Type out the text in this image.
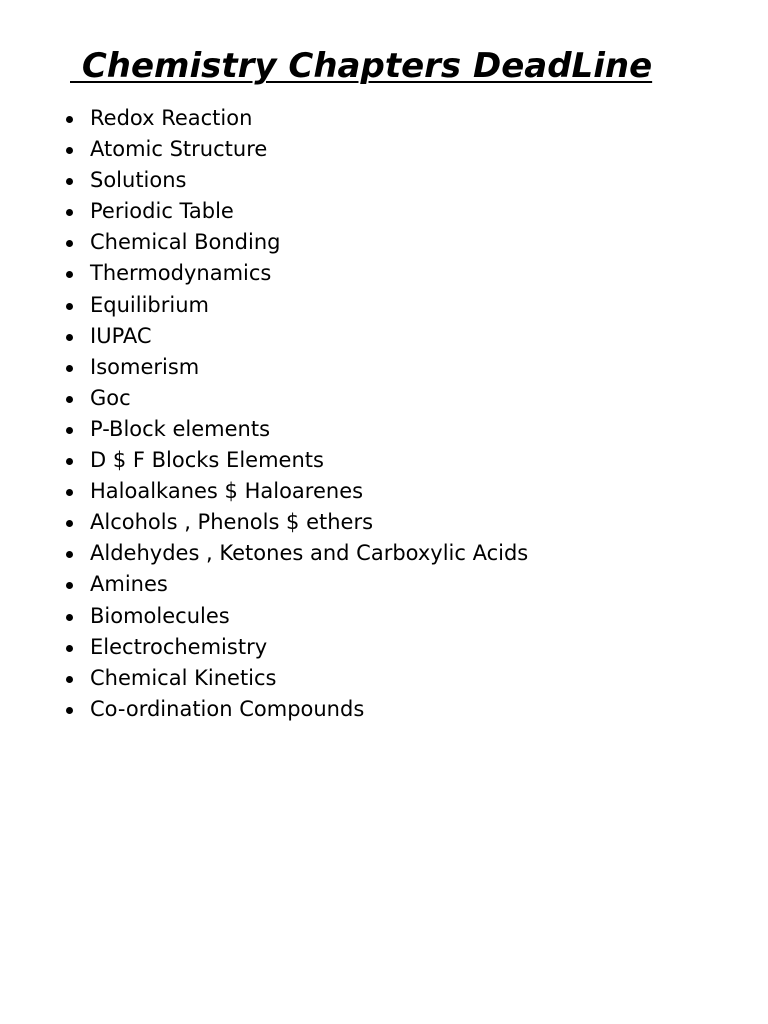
Chemistry Chapters DeadLine
Redox Reaction
Atomic Structure
Solutions
Periodic Table
Chemical Bonding
Thermodynamics
Equilibrium
IUPAC
Isomerism
Goc
P-Block elements
D $ F Blocks Elements
Haloalkanes $ Haloarenes
Alcohols , Phenols $ ethers
Aldehydes , Ketones and Carboxylic Acids
Amines
Biomolecules
Electrochemistry
Chemical Kinetics
Co-ordination Compounds
